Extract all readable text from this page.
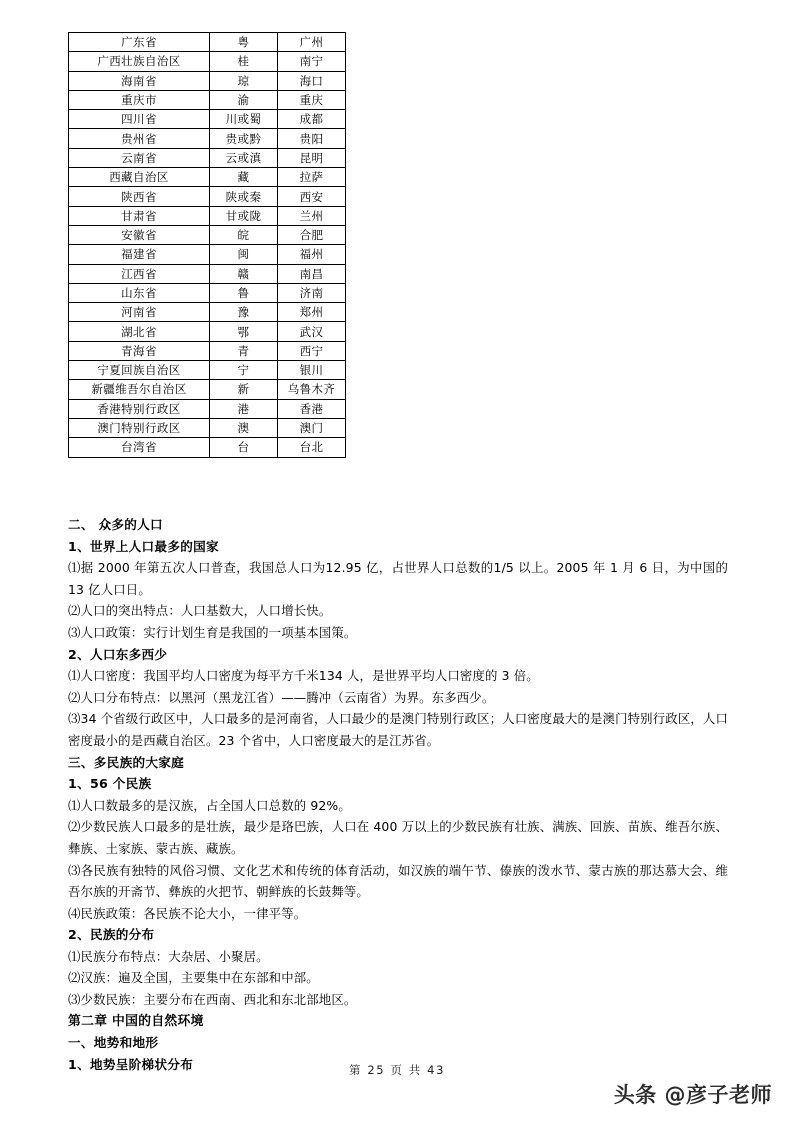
广东省	粤	广州
广西壮族自治区	桂	南宁
海南省	琼	海口
重庆市	渝	重庆
四川省	川或蜀	成都
贵州省	贵或黔	贵阳
云南省	云或滇	昆明
西藏自治区	藏	拉萨
陕西省	陕或秦	西安
甘肃省	甘或陇	兰州
安徽省	皖	合肥
福建省	闽	福州
江西省	赣	南昌
山东省	鲁	济南
河南省	豫	郑州
湖北省	鄂	武汉
青海省	青	西宁
宁夏回族自治区	宁	银川
新疆维吾尔自治区	新	乌鲁木齐
香港特别行政区	港	香港
澳门特别行政区	澳	澳门
台湾省	台	台北

二、 众多的人口

1、世界上人口最多的国家

⑴据 2000 年第五次人口普查，我国总人口为12.95 亿，占世界人口总数的1/5 以上。2005 年 1 月 6 日，为中国的13 亿人口日。

⑵人口的突出特点：人口基数大，人口增长快。

⑶人口政策：实行计划生育是我国的一项基本国策。

2、人口东多西少

⑴人口密度：我国平均人口密度为每平方千米134 人，是世界平均人口密度的 3 倍。

⑵人口分布特点：以黑河（黑龙江省）——腾冲（云南省）为界。东多西少。

⑶34 个省级行政区中，人口最多的是河南省，人口最少的是澳门特别行政区；人口密度最大的是澳门特别行政区，人口密度最小的是西藏自治区。23 个省中，人口密度最大的是江苏省。

三、多民族的大家庭

1、56 个民族

⑴人口数最多的是汉族，占全国人口总数的 92%。

⑵少数民族人口最多的是壮族，最少是珞巴族，人口在 400 万以上的少数民族有壮族、满族、回族、苗族、维吾尔族、彝族、土家族、蒙古族、藏族。

⑶各民族有独特的风俗习惯、文化艺术和传统的体育活动，如汉族的端午节、傣族的泼水节、蒙古族的那达慕大会、维吾尔族的开斋节、彝族的火把节、朝鲜族的长鼓舞等。

⑷民族政策：各民族不论大小，一律平等。

2、民族的分布

⑴民族分布特点：大杂居、小聚居。

⑵汉族：遍及全国，主要集中在东部和中部。

⑶少数民族：主要分布在西南、西北和东北部地区。

第二章 中国的自然环境

一、地势和地形

1、地势呈阶梯状分布	第 25 页 共 43
头条 @彦子老师
